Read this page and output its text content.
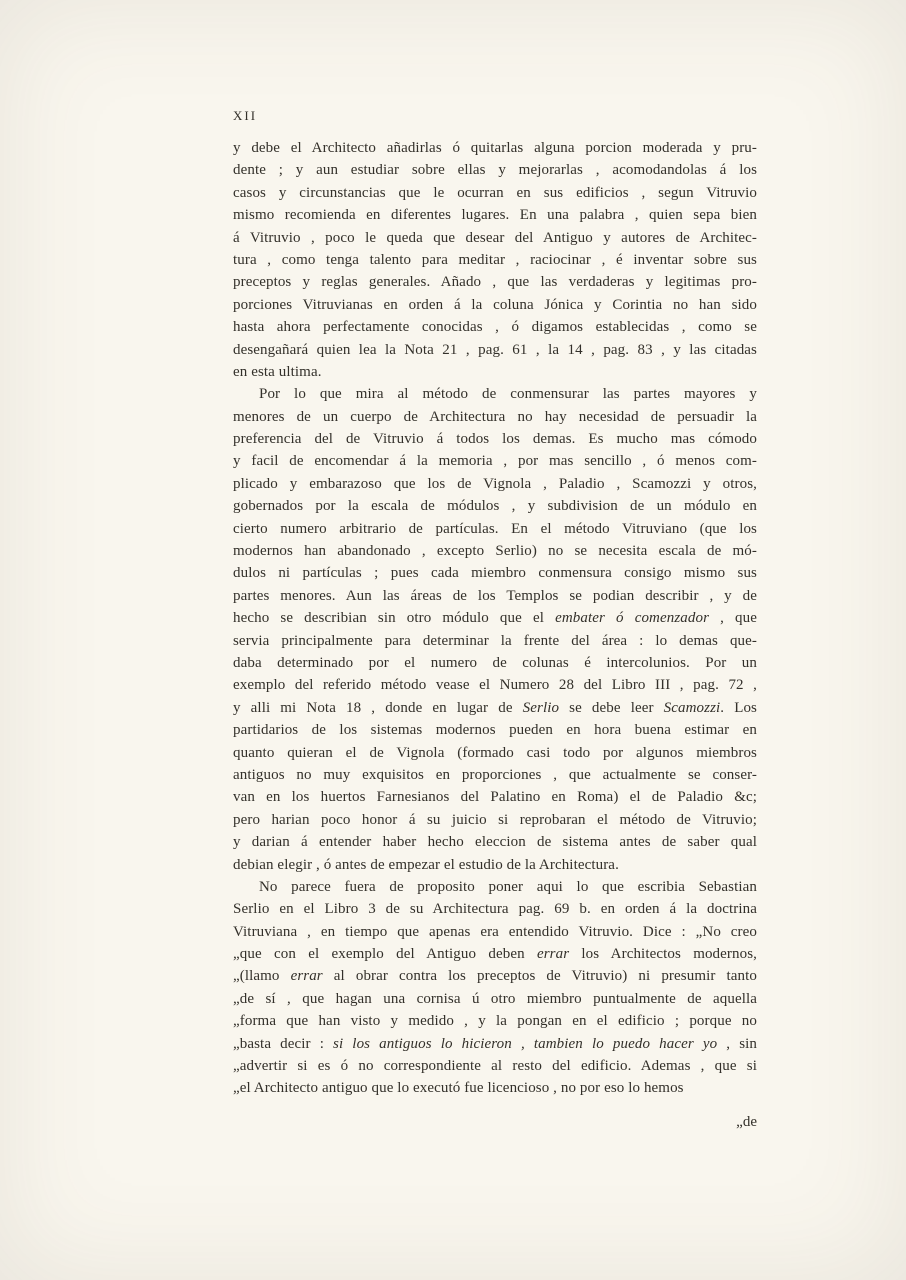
XII
y debe el Architecto añadirlas ó quitarlas alguna porcion moderada y pru-
dente ; y aun estudiar sobre ellas y mejorarlas , acomodandolas á los
casos y circunstancias que le ocurran en sus edificios , segun Vitruvio
mismo recomienda en diferentes lugares. En una palabra , quien sepa bien
á Vitruvio , poco le queda que desear del Antiguo y autores de Architec-
tura , como tenga talento para meditar , raciocinar , é inventar sobre sus
preceptos y reglas generales. Añado , que las verdaderas y legitimas pro-
porciones Vitruvianas en orden á la coluna Jónica y Corintia no han sido
hasta ahora perfectamente conocidas , ó digamos establecidas , como se
desengañará quien lea la Nota 21 , pag. 61 , la 14 , pag. 83 , y las citadas
en esta ultima.
Por lo que mira al método de conmensurar las partes mayores y
menores de un cuerpo de Architectura no hay necesidad de persuadir la
preferencia del de Vitruvio á todos los demas. Es mucho mas cómodo
y facil de encomendar á la memoria , por mas sencillo , ó menos com-
plicado y embarazoso que los de Vignola , Paladio , Scamozzi y otros,
gobernados por la escala de módulos , y subdivision de un módulo en
cierto numero arbitrario de partículas. En el método Vitruviano (que los
modernos han abandonado , excepto Serlio) no se necesita escala de mó-
dulos ni partículas ; pues cada miembro conmensura consigo mismo sus
partes menores. Aun las áreas de los Templos se podian describir , y de
hecho se describian sin otro módulo que el embater ó comenzador , que
servia principalmente para determinar la frente del área : lo demas que-
daba determinado por el numero de colunas é intercolunios. Por un
exemplo del referido método vease el Numero 28 del Libro III , pag. 72 ,
y alli mi Nota 18 , donde en lugar de Serlio se debe leer Scamozzi. Los
partidarios de los sistemas modernos pueden en hora buena estimar en
quanto quieran el de Vignola (formado casi todo por algunos miembros
antiguos no muy exquisitos en proporciones , que actualmente se conser-
van en los huertos Farnesianos del Palatino en Roma) el de Paladio &c;
pero harian poco honor á su juicio si reprobaran el método de Vitruvio;
y darian á entender haber hecho eleccion de sistema antes de saber qual
debian elegir , ó antes de empezar el estudio de la Architectura.
No parece fuera de proposito poner aqui lo que escribia Sebastian
Serlio en el Libro 3 de su Architectura pag. 69 b. en orden á la doctrina
Vitruviana , en tiempo que apenas era entendido Vitruvio. Dice : „No creo
„que con el exemplo del Antiguo deben errar los Architectos modernos,
„(llamo errar al obrar contra los preceptos de Vitruvio) ni presumir tanto
„de sí , que hagan una cornisa ú otro miembro puntualmente de aquella
„forma que han visto y medido , y la pongan en el edificio ; porque no
„basta decir : si los antiguos lo hicieron , tambien lo puedo hacer yo , sin
„advertir si es ó no correspondiente al resto del edificio. Ademas , que si
„el Architecto antiguo que lo executó fue licencioso , no por eso lo hemos
„de
